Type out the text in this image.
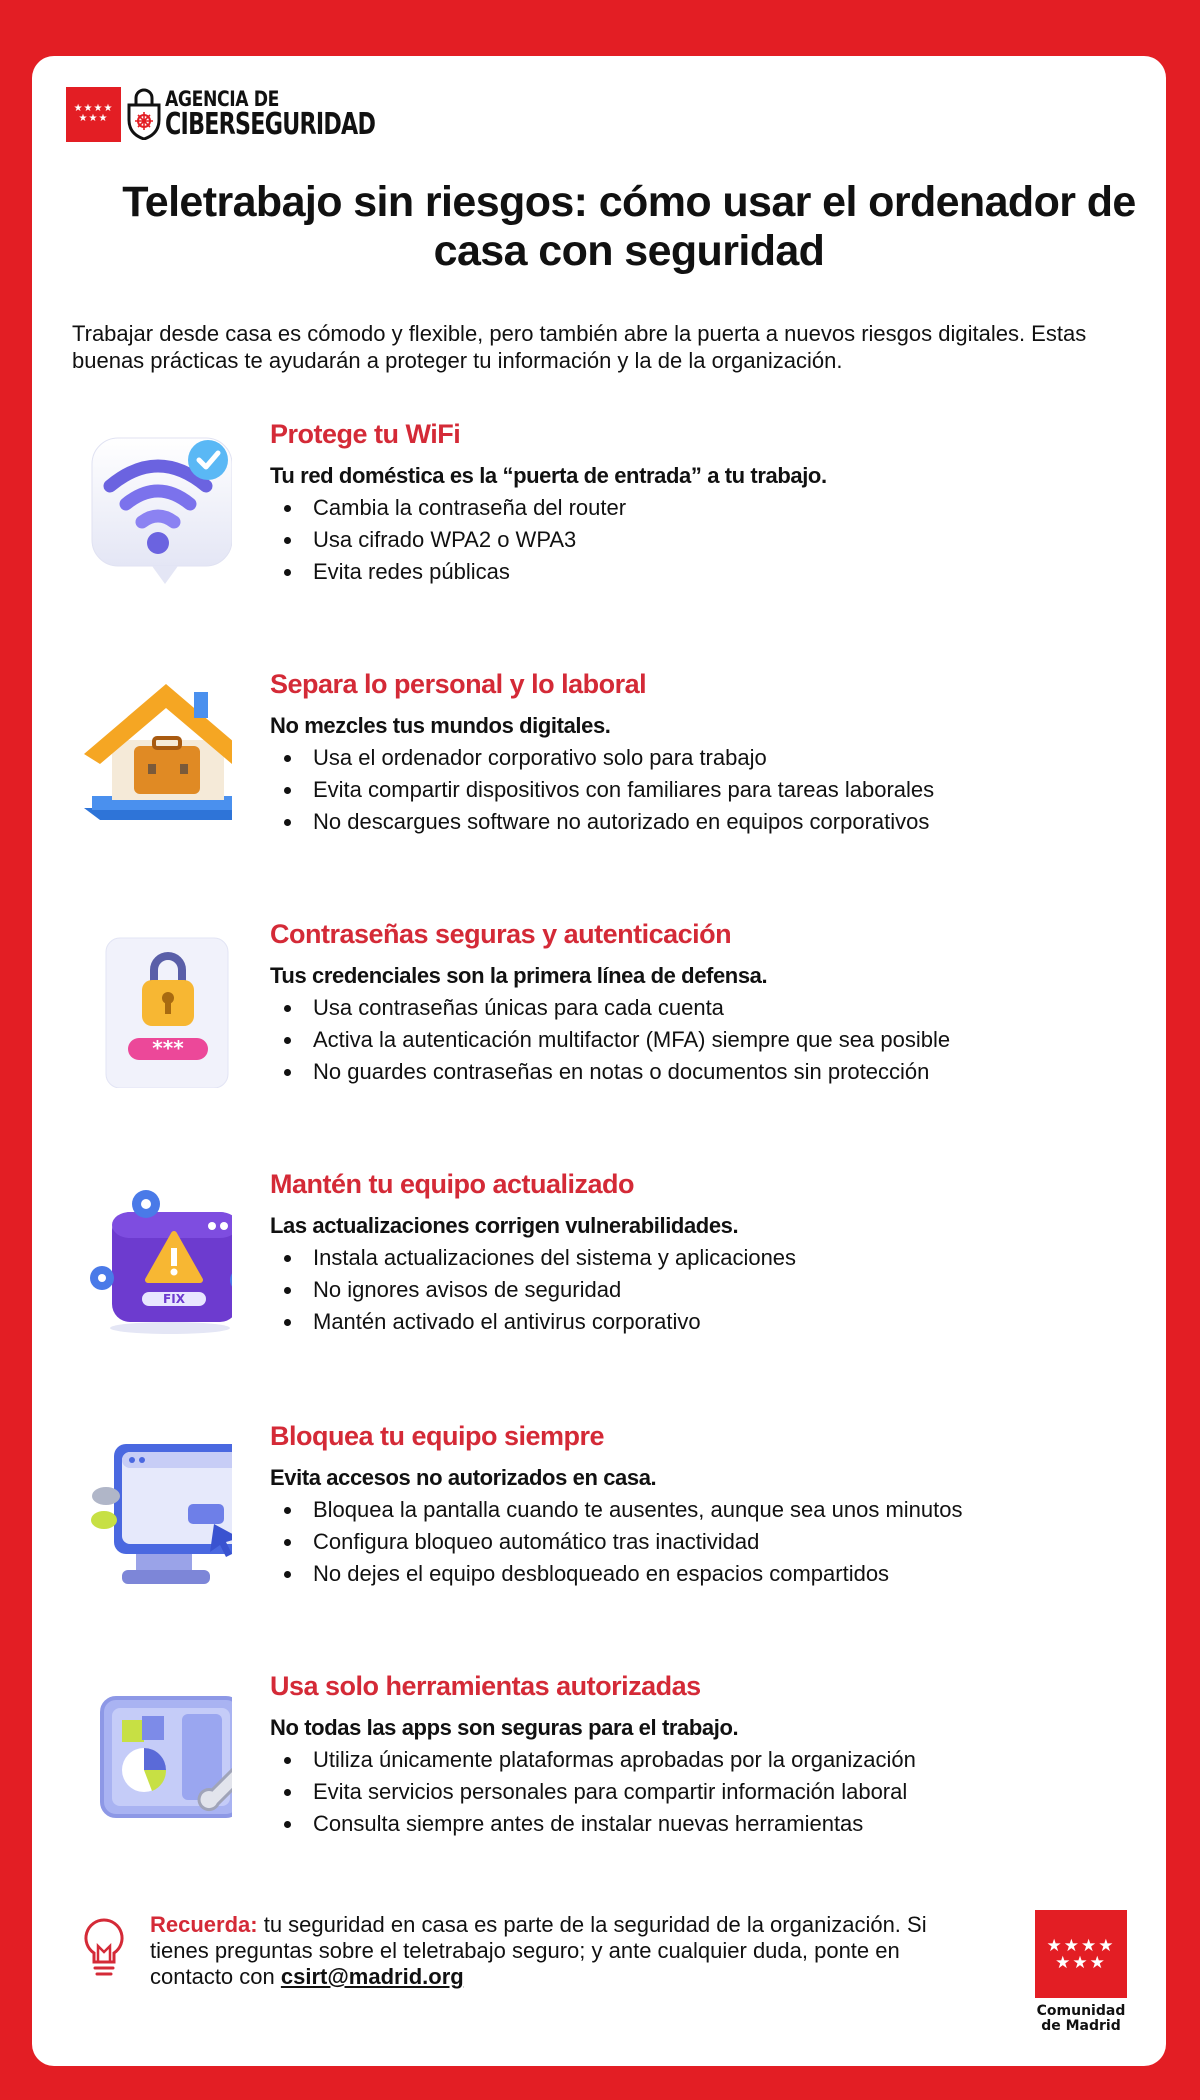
★★★★ ★★★
AGENCIA DE
CIBERSEGURIDAD
Teletrabajo sin riesgos: cómo usar el ordenador de casa con seguridad
Trabajar desde casa es cómodo y flexible, pero también abre la puerta a nuevos riesgos digitales. Estas buenas prácticas te ayudarán a proteger tu información y la de la organización.
Protege tu WiFi
Tu red doméstica es la “puerta de entrada” a tu trabajo.
Cambia la contraseña del router
Usa cifrado WPA2 o WPA3
Evita redes públicas
Separa lo personal y lo laboral
No mezcles tus mundos digitales.
Usa el ordenador corporativo solo para trabajo
Evita compartir dispositivos con familiares para tareas laborales
No descargues software no autorizado en equipos corporativos
***
Contraseñas seguras y autenticación
Tus credenciales son la primera línea de defensa.
Usa contraseñas únicas para cada cuenta
Activa la autenticación multifactor (MFA) siempre que sea posible
No guardes contraseñas en notas o documentos sin protección
FIX
Mantén tu equipo actualizado
Las actualizaciones corrigen vulnerabilidades.
Instala actualizaciones del sistema y aplicaciones
No ignores avisos de seguridad
Mantén activado el antivirus corporativo
Bloquea tu equipo siempre
Evita accesos no autorizados en casa.
Bloquea la pantalla cuando te ausentes, aunque sea unos minutos
Configura bloqueo automático tras inactividad
No dejes el equipo desbloqueado en espacios compartidos
Usa solo herramientas autorizadas
No todas las apps son seguras para el trabajo.
Utiliza únicamente plataformas aprobadas por la organización
Evita servicios personales para compartir información laboral
Consulta siempre antes de instalar nuevas herramientas
Recuerda: tu seguridad en casa es parte de la seguridad de la organización. Si tienes preguntas sobre el teletrabajo seguro; y ante cualquier duda, ponte en contacto con csirt@madrid.org
★★★★ ★★★
Comunidad
de Madrid
